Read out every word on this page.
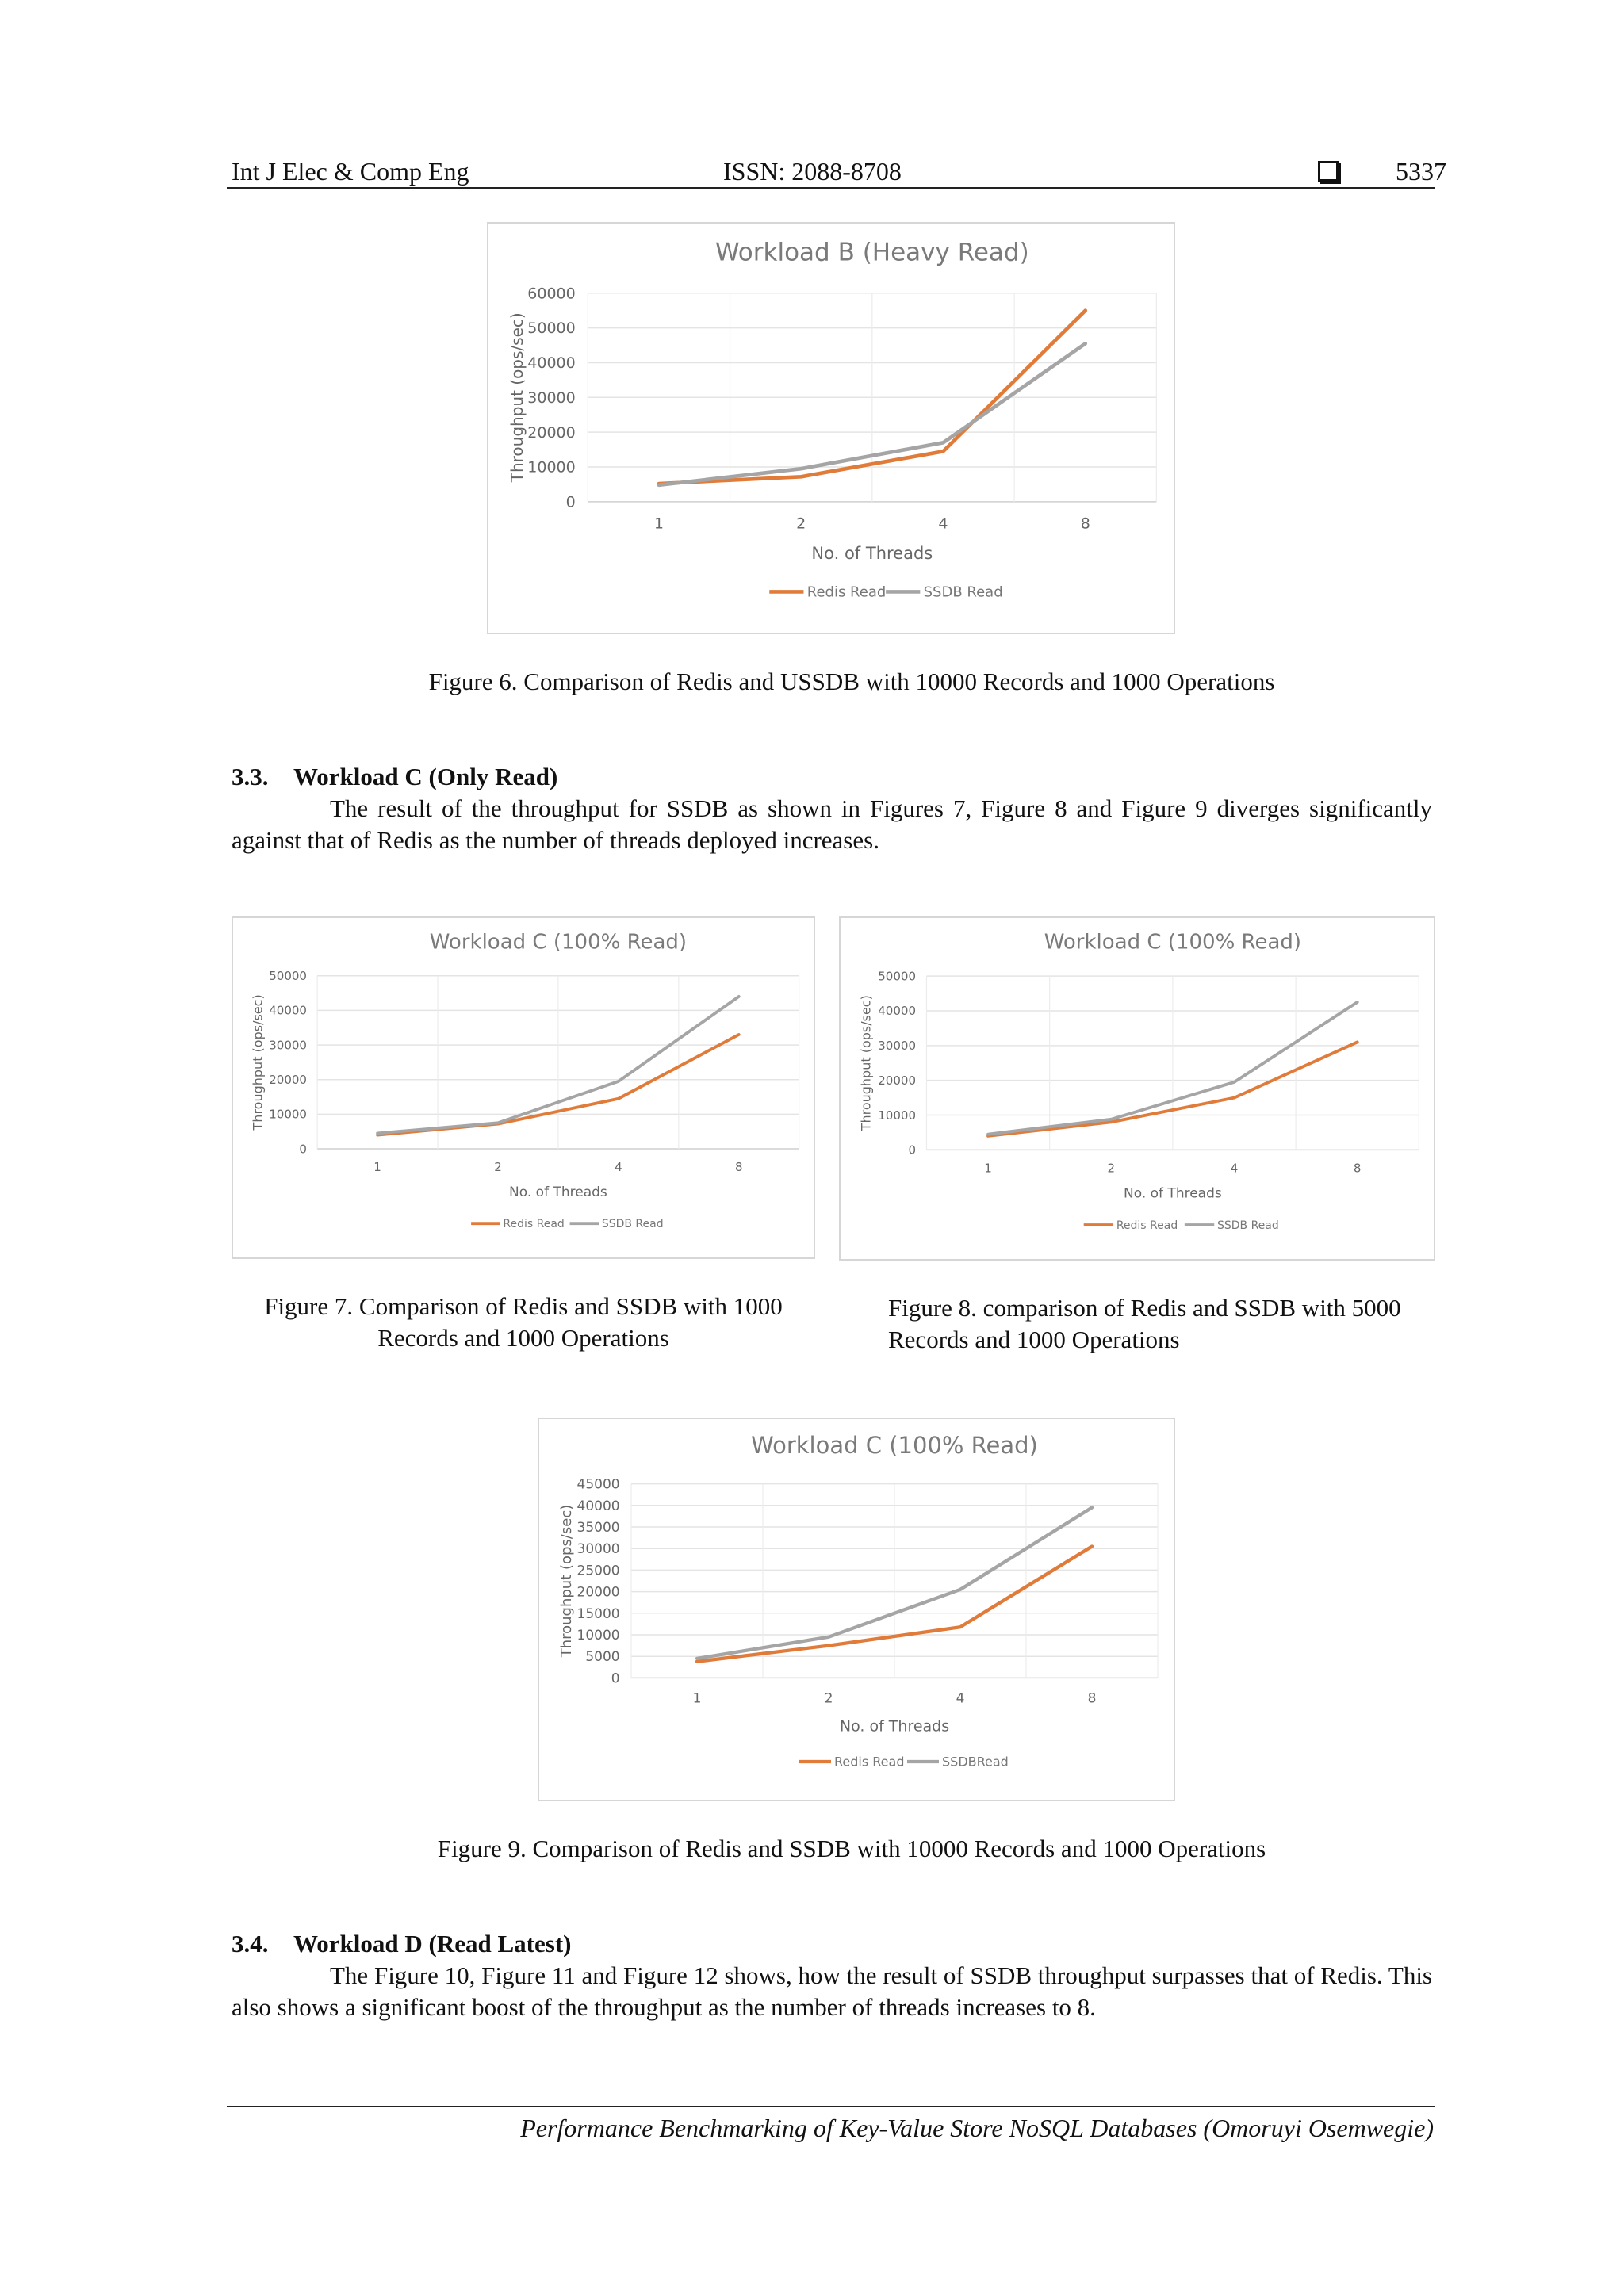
Int J Elec & Comp Eng	ISSN: 2088-8708	5337
Workload B (Heavy Read)
0
10000
20000
30000
40000
50000
60000
1	2	4	8
No. of Threads
Throughput (ops/sec)
Redis Read	SSDB Read
Figure 6. Comparison of Redis and USSDB with 10000 Records and 1000 Operations
3.3. Workload C (Only Read)
The result of the throughput for SSDB as shown in Figures 7, Figure 8 and Figure 9 diverges significantly against that of Redis as the number of threads deployed increases.
Workload C (100% Read)
0
10000
20000
30000
40000
50000
1	2	4	8
No. of Threads
Throughput (ops/sec)
Redis Read	SSDB Read
Figure 7. Comparison of Redis and SSDB with 1000 Records and 1000 Operations
Workload C (100% Read)
0
10000
20000
30000
40000
50000
1	2	4	8
No. of Threads
Throughput (ops/sec)
Redis Read	SSDB Read
Figure 8. comparison of Redis and SSDB with 5000 Records and 1000 Operations
Workload C (100% Read)
0
5000
10000
15000
20000
25000
30000
35000
40000
45000
1	2	4	8
No. of Threads
Throughput (ops/sec)
Redis Read	SSDBRead
Figure 9. Comparison of Redis and SSDB with 10000 Records and 1000 Operations
3.4. Workload D (Read Latest)
The Figure 10, Figure 11 and Figure 12 shows, how the result of SSDB throughput surpasses that of Redis. This also shows a significant boost of the throughput as the number of threads increases to 8.
Performance Benchmarking of Key-Value Store NoSQL Databases (Omoruyi Osemwegie)
